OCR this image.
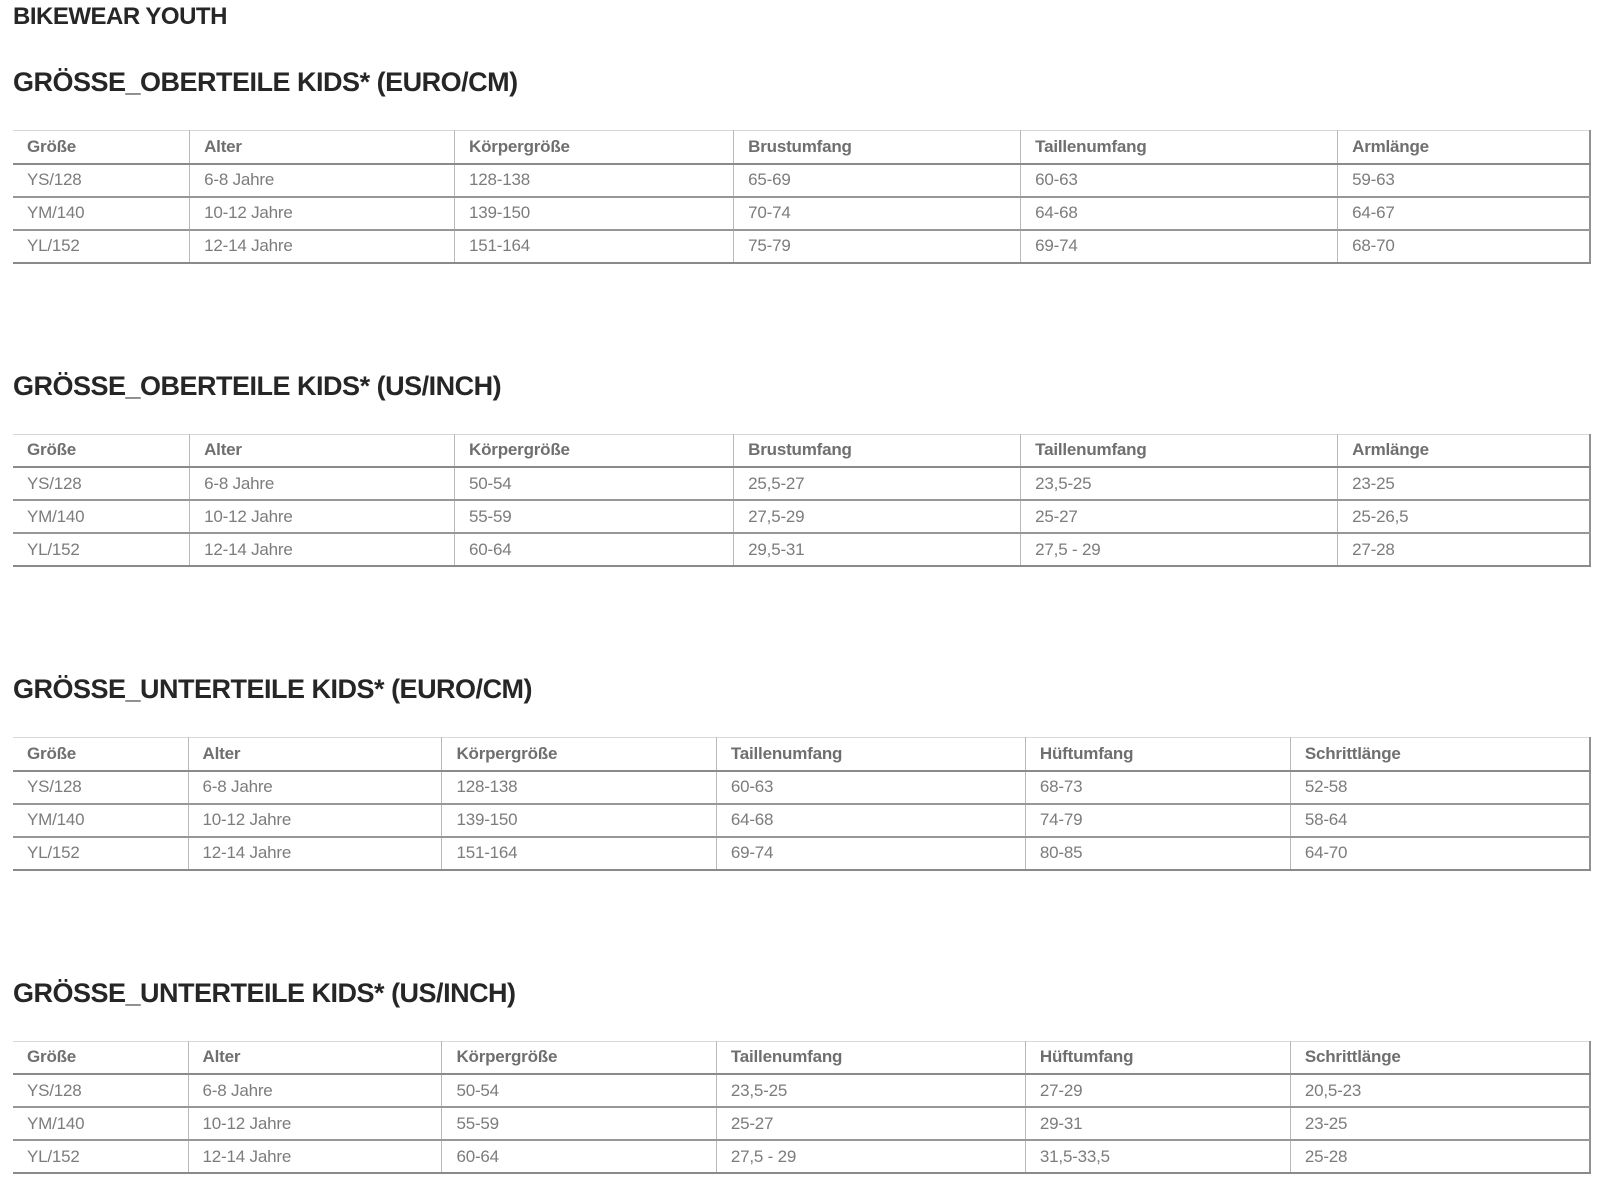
BIKEWEAR YOUTH
GRÖSSE_OBERTEILE KIDS* (EURO/CM)
Größe	Alter	Körpergröße	Brustumfang	Taillenumfang	Armlänge
YS/128	6-8 Jahre	128-138	65-69	60-63	59-63
YM/140	10-12 Jahre	139-150	70-74	64-68	64-67
YL/152	12-14 Jahre	151-164	75-79	69-74	68-70
GRÖSSE_OBERTEILE KIDS* (US/INCH)
Größe	Alter	Körpergröße	Brustumfang	Taillenumfang	Armlänge
YS/128	6-8 Jahre	50-54	25,5-27	23,5-25	23-25
YM/140	10-12 Jahre	55-59	27,5-29	25-27	25-26,5
YL/152	12-14 Jahre	60-64	29,5-31	27,5 - 29	27-28
GRÖSSE_UNTERTEILE KIDS* (EURO/CM)
Größe	Alter	Körpergröße	Taillenumfang	Hüftumfang	Schrittlänge
YS/128	6-8 Jahre	128-138	60-63	68-73	52-58
YM/140	10-12 Jahre	139-150	64-68	74-79	58-64
YL/152	12-14 Jahre	151-164	69-74	80-85	64-70
GRÖSSE_UNTERTEILE KIDS* (US/INCH)
Größe	Alter	Körpergröße	Taillenumfang	Hüftumfang	Schrittlänge
YS/128	6-8 Jahre	50-54	23,5-25	27-29	20,5-23
YM/140	10-12 Jahre	55-59	25-27	29-31	23-25
YL/152	12-14 Jahre	60-64	27,5 - 29	31,5-33,5	25-28
